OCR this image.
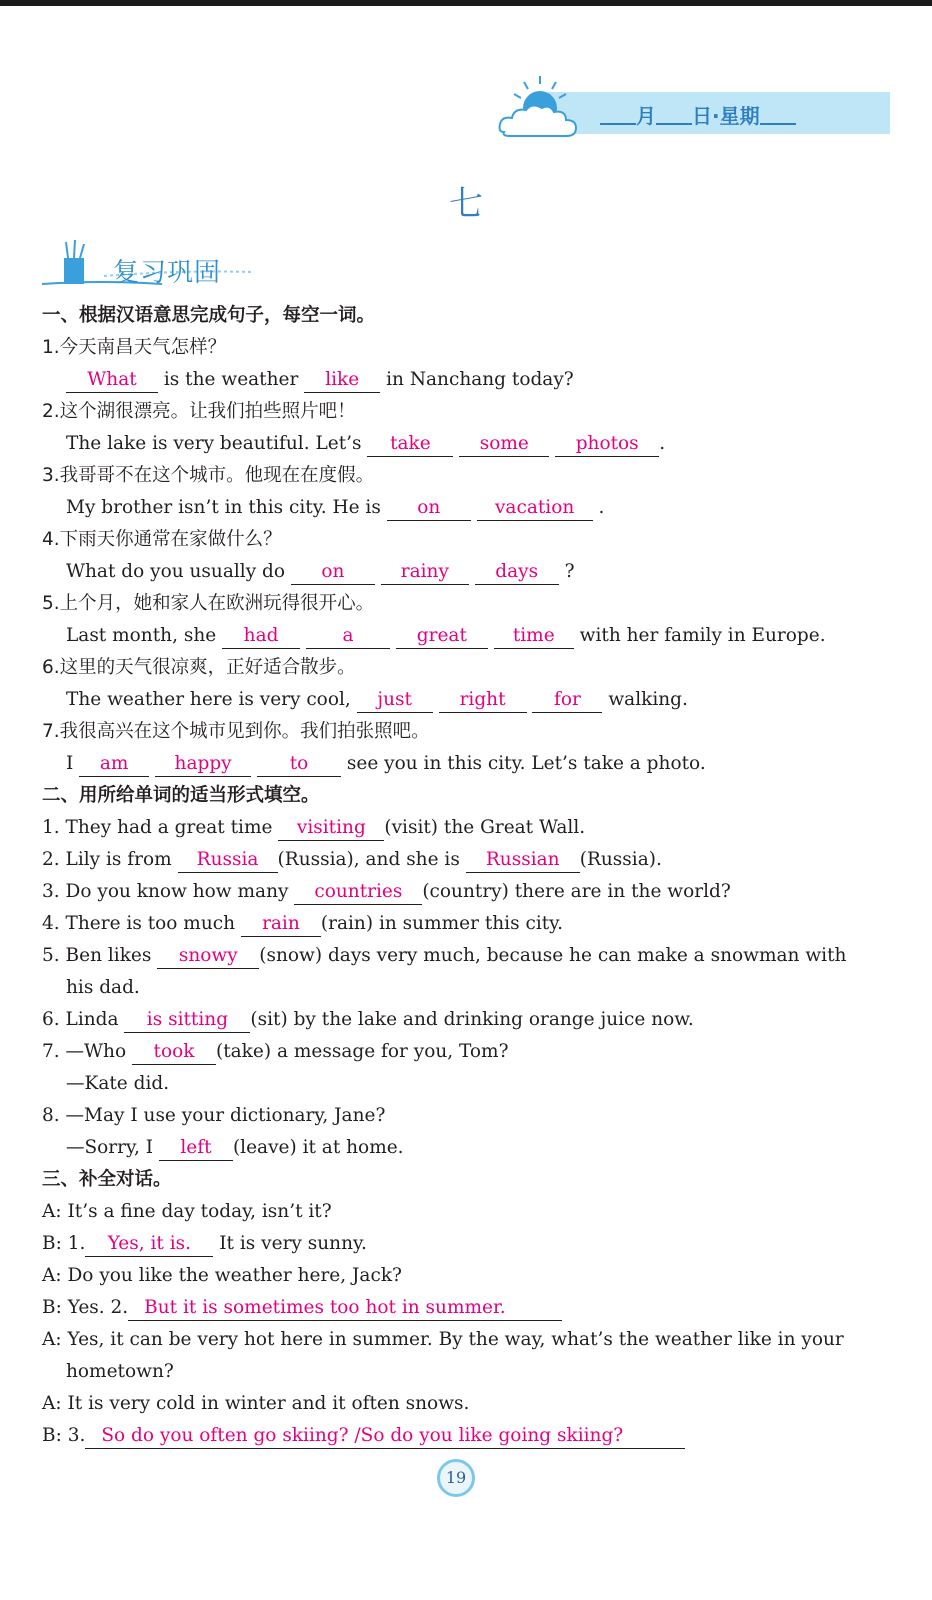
月 日·星期
七
复习巩固
一、根据汉语意思完成句子，每空一词。
1.今天南昌天气怎样？
What is the weather like in Nanchang today?
2.这个湖很漂亮。让我们拍些照片吧！
The lake is very beautiful. Let’s take	some	photos .
3.我哥哥不在这个城市。他现在在度假。
My brother isn’t in this city. He is on	vacation .
4.下雨天你通常在家做什么？
What do you usually do on	rainy	days ?
5.上个月，她和家人在欧洲玩得很开心。
Last month, she had	a	great time with her family in Europe.
6.这里的天气很凉爽，正好适合散步。
The weather here is very cool, just	right	for walking.
7.我很高兴在这个城市见到你。我们拍张照吧。
I am happy	to see you in this city. Let’s take a photo.
二、用所给单词的适当形式填空。
1. They had a great time visiting (visit) the Great Wall.
2. Lily is from Russia (Russia), and she is Russian (Russia).
3. Do you know how many countries (country) there are in the world?
4. There is too much rain (rain) in summer this city.
5. Ben likes snowy (snow) days very much, because he can make a snowman with
his dad.
6. Linda is sitting (sit) by the lake and drinking orange juice now.
7. —Who took (take) a message for you, Tom?
—Kate did.
8. —May I use your dictionary, Jane?
—Sorry, I left (leave) it at home.
三、补全对话。
A: It’s a fine day today, isn’t it?
B: 1. Yes, it is. It is very sunny.
A: Do you like the weather here, Jack?
B: Yes. 2. But it is sometimes too hot in summer.
A: Yes, it can be very hot here in summer. By the way, what’s the weather like in your
hometown?
A: It is very cold in winter and it often snows.
B: 3. So do you often go skiing? /So do you like going skiing?
19
